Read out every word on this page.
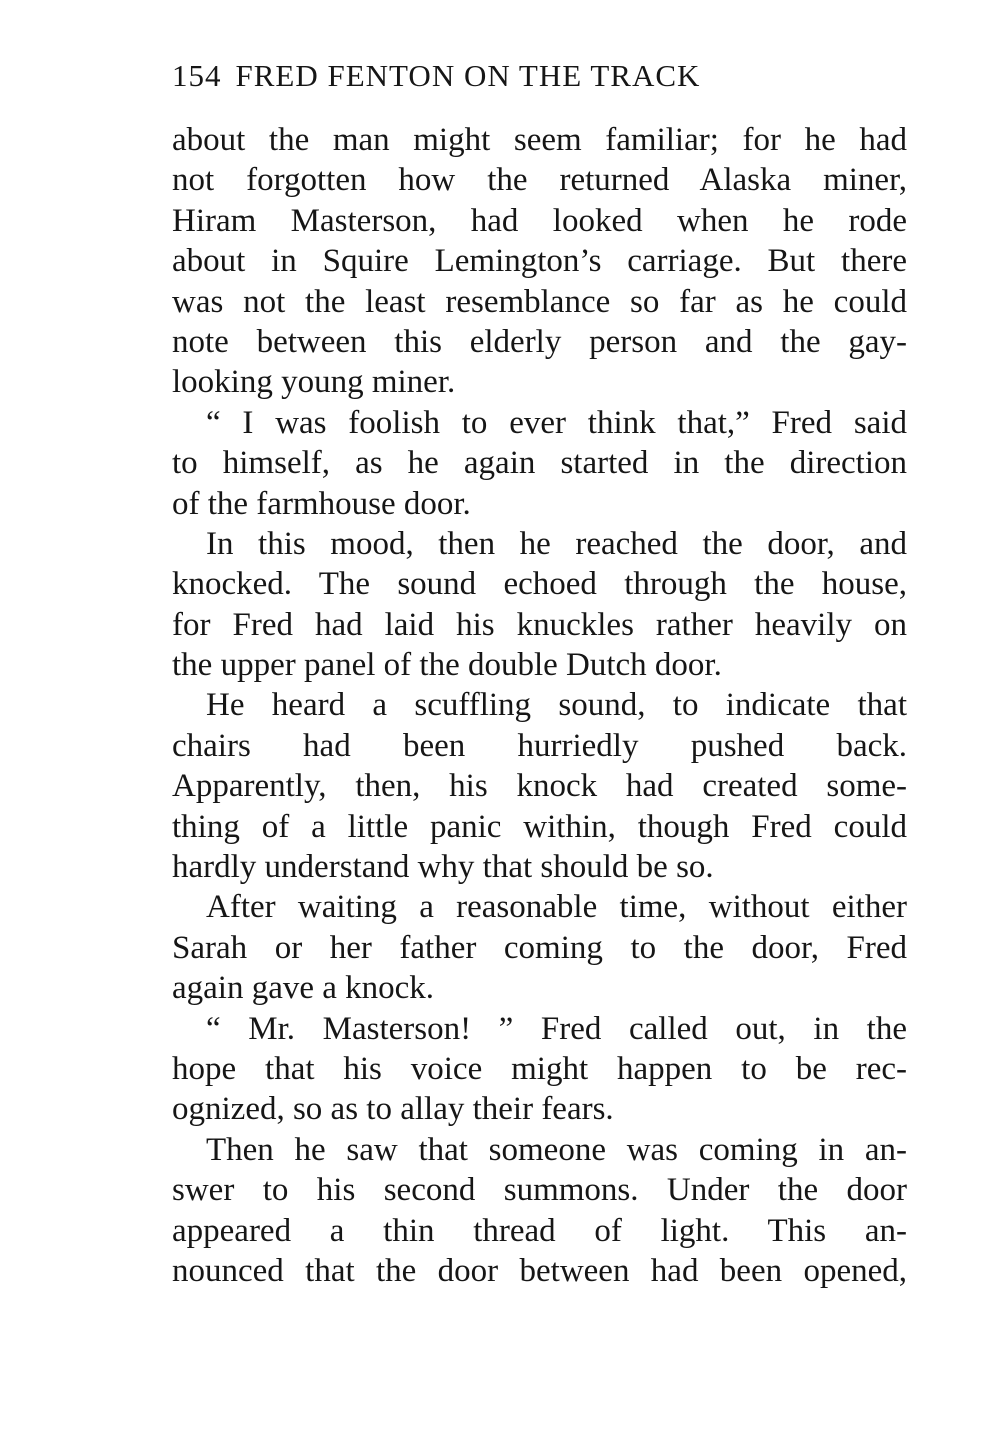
154 FRED FENTON ON THE TRACK
about the man might seem familiar; for he had
not forgotten how the returned Alaska miner,
Hiram Masterson, had looked when he rode
about in Squire Lemington’s carriage. But there
was not the least resemblance so far as he could
note between this elderly person and the gay-
looking young miner.
“ I was foolish to ever think that,” Fred said
to himself, as he again started in the direction
of the farmhouse door.
In this mood, then he reached the door, and
knocked. The sound echoed through the house,
for Fred had laid his knuckles rather heavily on
the upper panel of the double Dutch door.
He heard a scuffling sound, to indicate that
chairs had been hurriedly pushed back.
Apparently, then, his knock had created some-
thing of a little panic within, though Fred could
hardly understand why that should be so.
After waiting a reasonable time, without either
Sarah or her father coming to the door, Fred
again gave a knock.
“ Mr. Masterson! ” Fred called out, in the
hope that his voice might happen to be rec-
ognized, so as to allay their fears.
Then he saw that someone was coming in an-
swer to his second summons. Under the door
appeared a thin thread of light. This an-
nounced that the door between had been opened,
